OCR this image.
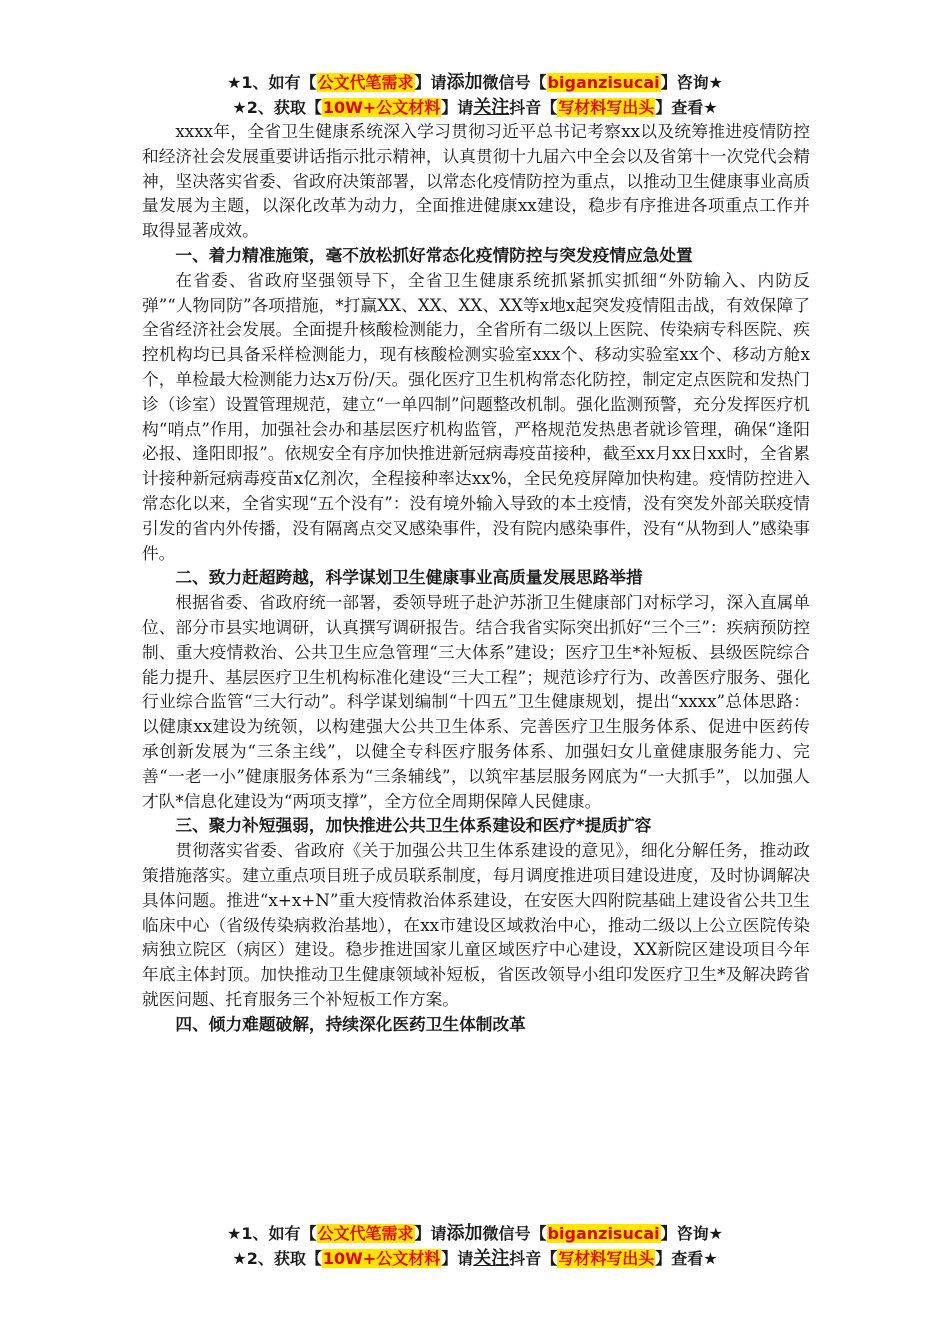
★1、如有【公文代笔需求】请添加微信号【biganzisucai】咨询★
★2、获取【10W+公文材料】请关注抖音【写材料写出头】查看★

xxxx年，全省卫生健康系统深入学习贯彻习近平总书记考察xx以及统筹推进疫情防控和经济社会发展重要讲话指示批示精神，认真贯彻十九届六中全会以及省第十一次党代会精神，坚决落实省委、省政府决策部署，以常态化疫情防控为重点，以推动卫生健康事业高质量发展为主题，以深化改革为动力，全面推进健康xx建设，稳步有序推进各项重点工作并取得显著成效。

一、着力精准施策，毫不放松抓好常态化疫情防控与突发疫情应急处置

在省委、省政府坚强领导下，全省卫生健康系统抓紧抓实抓细“外防输入、内防反弹”“人物同防”各项措施，*打赢XX、XX、XX、XX等x地x起突发疫情阻击战，有效保障了全省经济社会发展。全面提升核酸检测能力，全省所有二级以上医院、传染病专科医院、疾控机构均已具备采样检测能力，现有核酸检测实验室xxx个、移动实验室xx个、移动方舱x个，单检最大检测能力达x万份/天。强化医疗卫生机构常态化防控，制定定点医院和发热门诊（诊室）设置管理规范，建立“一单四制”问题整改机制。强化监测预警，充分发挥医疗机构“哨点”作用，加强社会办和基层医疗机构监管，严格规范发热患者就诊管理，确保“逢阳必报、逢阳即报”。依规安全有序加快推进新冠病毒疫苗接种，截至xx月xx日xx时，全省累计接种新冠病毒疫苗x亿剂次，全程接种率达xx%，全民免疫屏障加快构建。疫情防控进入常态化以来，全省实现“五个没有”：没有境外输入导致的本土疫情，没有突发外部关联疫情引发的省内外传播，没有隔离点交叉感染事件，没有院内感染事件，没有“从物到人”感染事件。

二、致力赶超跨越，科学谋划卫生健康事业高质量发展思路举措

根据省委、省政府统一部署，委领导班子赴沪苏浙卫生健康部门对标学习，深入直属单位、部分市县实地调研，认真撰写调研报告。结合我省实际突出抓好“三个三”：疾病预防控制、重大疫情救治、公共卫生应急管理“三大体系”建设；医疗卫生*补短板、县级医院综合能力提升、基层医疗卫生机构标准化建设“三大工程”；规范诊疗行为、改善医疗服务、强化行业综合监管“三大行动”。科学谋划编制“十四五”卫生健康规划，提出“xxxx”总体思路：以健康xx建设为统领，以构建强大公共卫生体系、完善医疗卫生服务体系、促进中医药传承创新发展为“三条主线”，以健全专科医疗服务体系、加强妇女儿童健康服务能力、完善“一老一小”健康服务体系为“三条辅线”，以筑牢基层服务网底为“一大抓手”，以加强人才队*信息化建设为“两项支撑”，全方位全周期保障人民健康。

三、聚力补短强弱，加快推进公共卫生体系建设和医疗*提质扩容

贯彻落实省委、省政府《关于加强公共卫生体系建设的意见》，细化分解任务，推动政策措施落实。建立重点项目班子成员联系制度，每月调度推进项目建设进度，及时协调解决具体问题。推进“x+x+N”重大疫情救治体系建设，在安医大四附院基础上建设省公共卫生临床中心（省级传染病救治基地），在xx市建设区域救治中心，推动二级以上公立医院传染病独立院区（病区）建设。稳步推进国家儿童区域医疗中心建设，XX新院区建设项目今年年底主体封顶。加快推动卫生健康领域补短板，省医改领导小组印发医疗卫生*及解决跨省就医问题、托育服务三个补短板工作方案。

四、倾力难题破解，持续深化医药卫生体制改革
★1、如有【公文代笔需求】请添加微信号【biganzisucai】咨询★
★2、获取【10W+公文材料】请关注抖音【写材料写出头】查看★
